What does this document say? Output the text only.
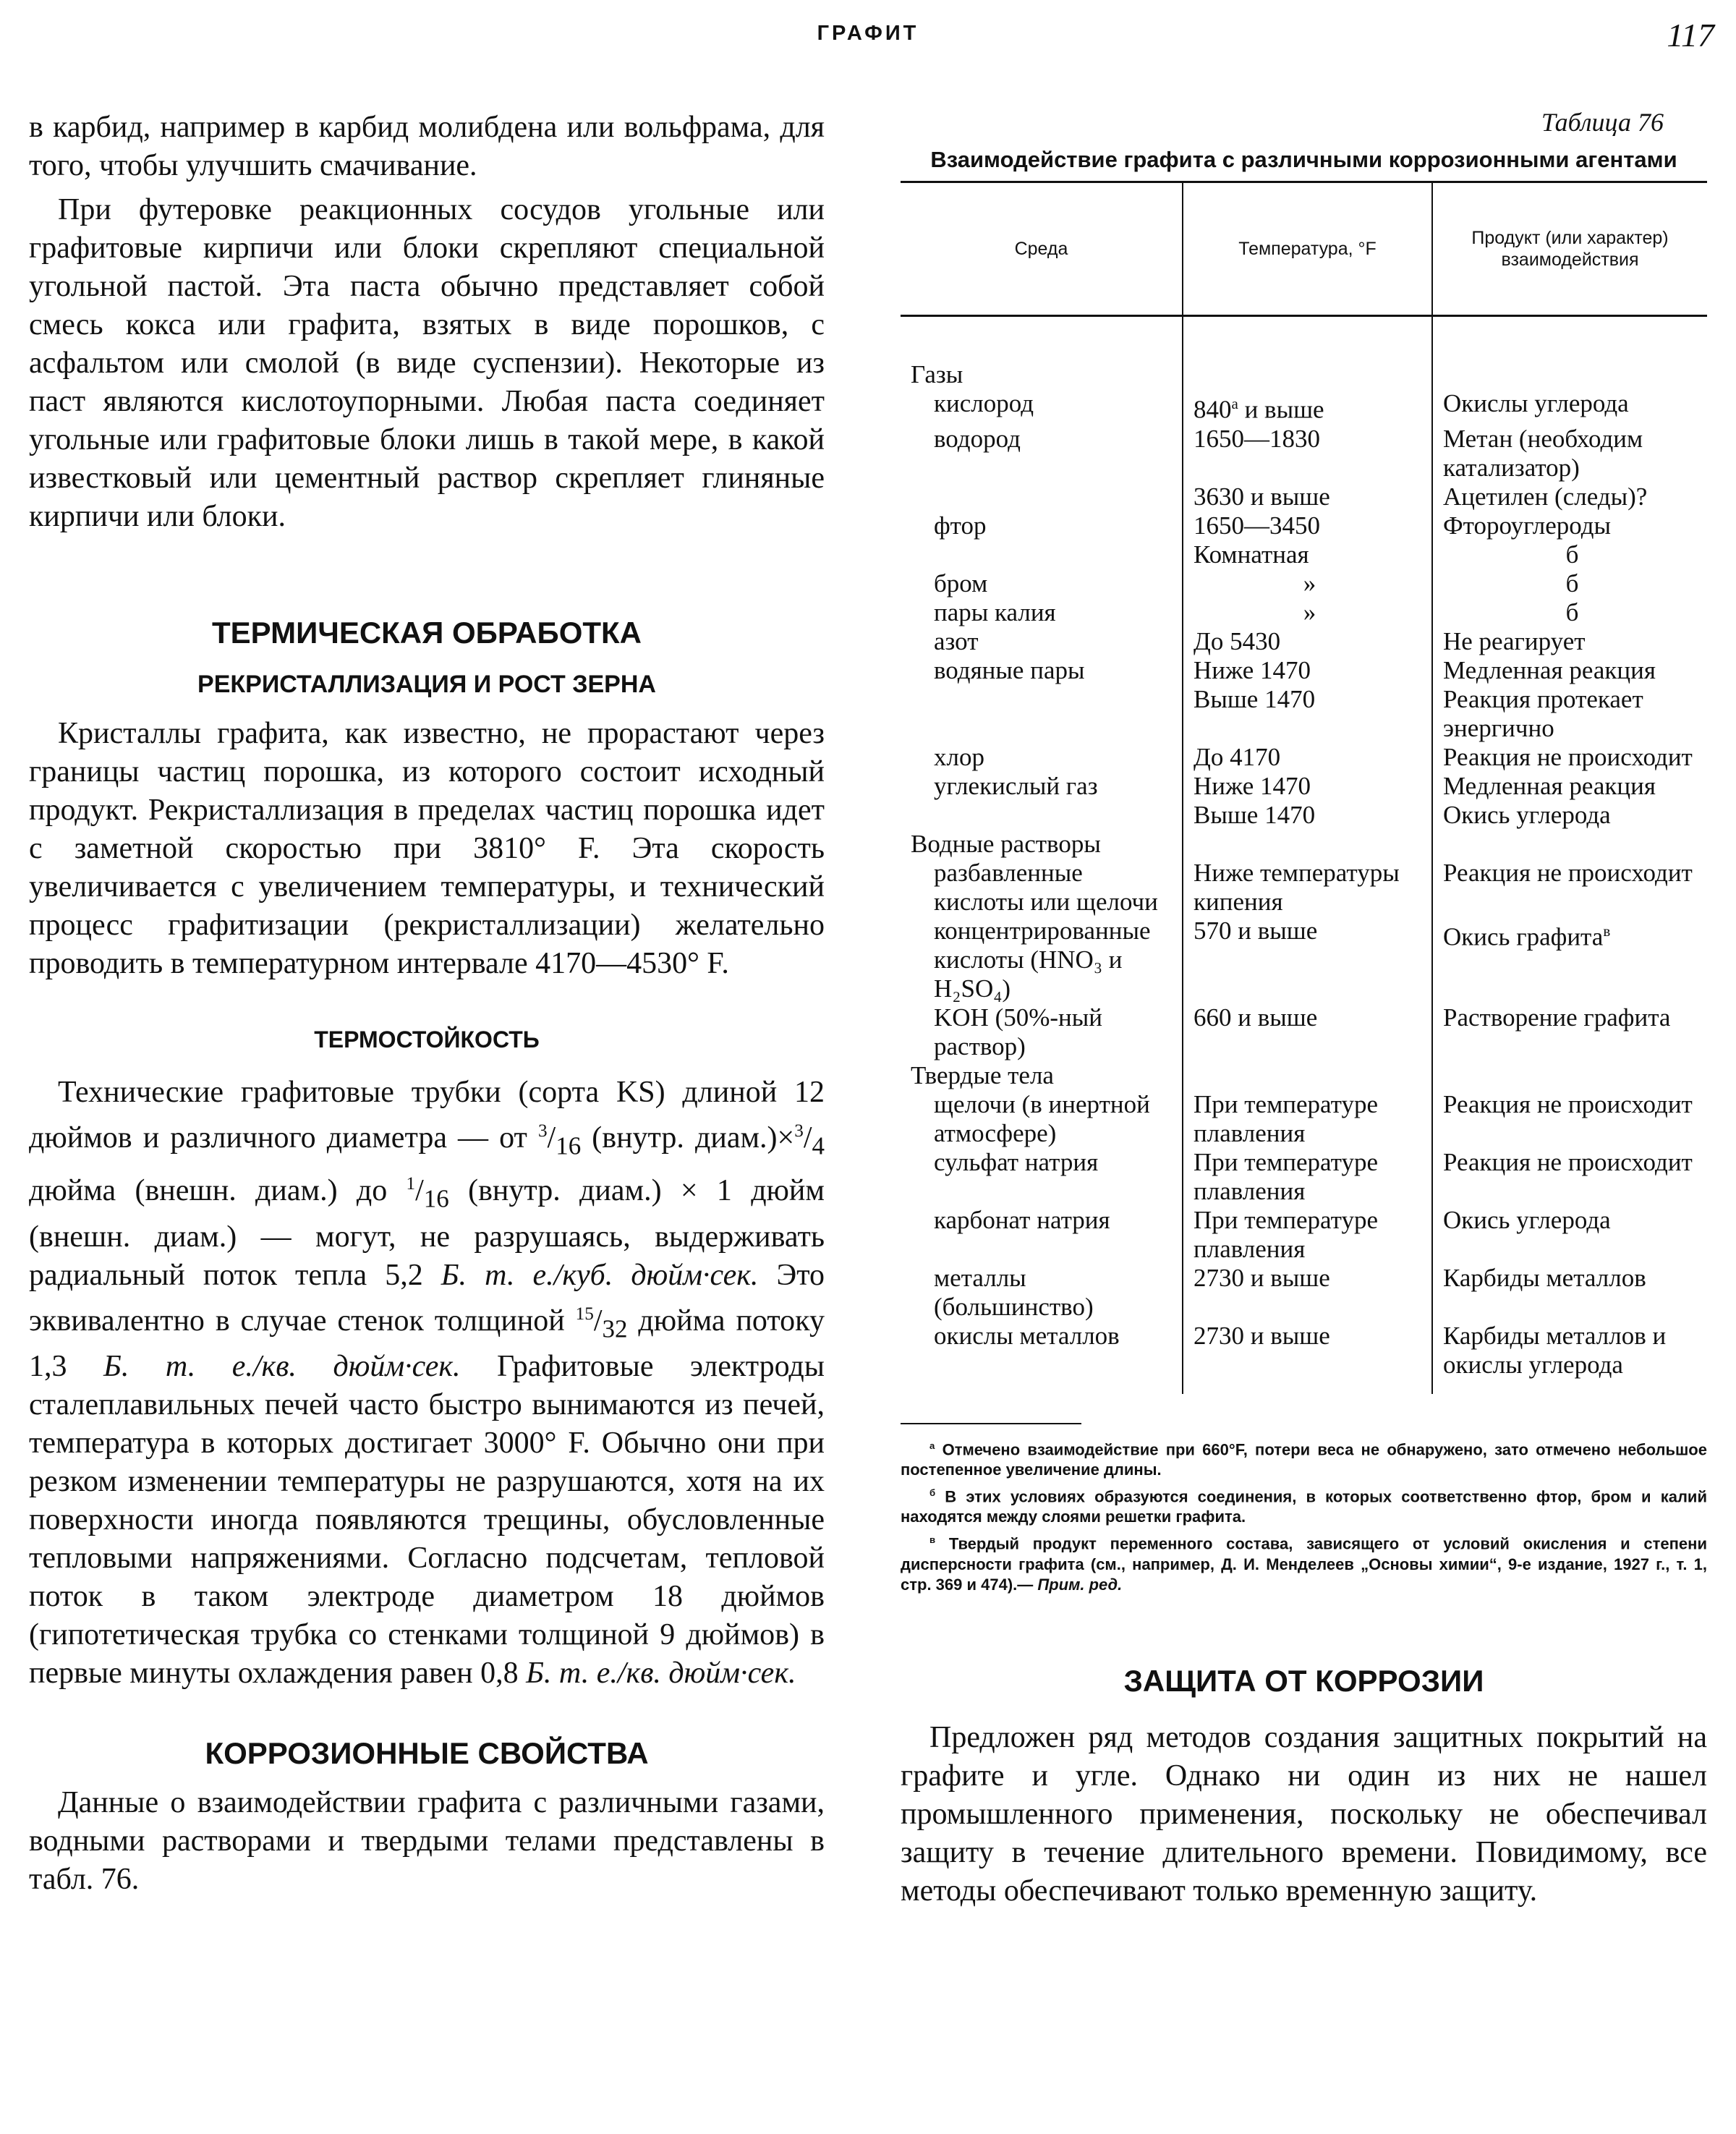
ГРАФИТ	117

в карбид, например в карбид молибдена или вольфрама, для того, чтобы улучшить смачивание.

При футеровке реакционных сосудов угольные или графитовые кирпичи или блоки скрепляют специальной угольной пастой. Эта паста обычно представляет собой смесь кокса или графита, взятых в виде порошков, с асфальтом или смолой (в виде суспензии). Некоторые из паст являются кислотоупорными. Любая паста соединяет угольные или графитовые блоки лишь в такой мере, в какой известковый или цементный раствор скрепляет глиняные кирпичи или блоки.

ТЕРМИЧЕСКАЯ ОБРАБОТКА
РЕКРИСТАЛЛИЗАЦИЯ И РОСТ ЗЕРНА

Кристаллы графита, как известно, не прорастают через границы частиц порошка, из которого состоит исходный продукт. Рекристаллизация в пределах частиц порошка идет с заметной скоростью при 3810° F. Эта скорость увеличивается с увеличением температуры, и технический процесс графитизации (рекристаллизации) желательно проводить в температурном интервале 4170—4530° F.

ТЕРМОСТОЙКОСТЬ

Технические графитовые трубки (сорта KS) длиной 12 дюймов и различного диаметра — от $^3/_{16}$ (внутр. $диам.)\times^3/_4$ дюйма (внешн. диам.) до $^1/_{16}$ (внутр. диам.) × 1 дюйм (внешн. диам.) — могут, не разрушаясь, выдерживать радиальный поток тепла 5,2 Б. т. е./куб. дюйм·сек. Это эквивалентно в случае стенок толщиной $^{15}/_{32}$ дюйма потоку 1,3 Б. т. е./кв. дюйм·сек. Графитовые электроды сталеплавильных печей часто быстро вынимаются из печей, температура в которых достигает 3000° F. Обычно они при резком изменении температуры не разрушаются, хотя на их поверхности иногда появляются трещины, обусловленные тепловыми напряжениями. Согласно подсчетам, тепловой поток в таком электроде диаметром 18 дюймов (гипотетическая трубка со стенками толщиной 9 дюймов) в первые минуты охлаждения равен 0,8 Б. т. е./кв. дюйм·сек.

КОРРОЗИОННЫЕ СВОЙСТВА

Данные о взаимодействии графита с различными газами, водными растворами и твердыми телами представлены в табл. 76.

Таблица 76
Взаимодействие графита с различными коррозионными агентами
Среда	Температура, °F	Продукт (или характер) взаимодействия
Газы		
кислород	$840^а$ и выше	Окислы углерода
водород	1650—1830	Метан (необходим катализатор)
	3630 и выше	Ацетилен (следы)?
фтор	1650—3450	Фтороуглероды
	Комнатная	б
бром	»	б
пары калия	»	б
азот	До 5430	Не реагирует
водяные пары	Ниже 1470	Медленная реакция
	Выше 1470	Реакция протекает энергично
хлор	До 4170	Реакция не происходит
углекислый газ	Ниже 1470	Медленная реакция
	Выше 1470	Окись углерода
Водные растворы		
разбавленные кислоты или щелочи	Ниже температуры кипения	Реакция не происходит
концентрированные кислоты (HNO₃ и H₂SO₄)	570 и выше	Окись графита$^в$
KOH (50%-ный раствор)	660 и выше	Растворение графита
Твердые тела		
щелочи (в инертной атмосфере)	При температуре плавления	Реакция не происходит
сульфат натрия	При температуре плавления	Реакция не происходит
карбонат натрия	При температуре плавления	Окись углерода
металлы (большинство)	2730 и выше	Карбиды металлов
окислы металлов	2730 и выше	Карбиды металлов и окислы углерода

$^а$ Отмечено взаимодействие при 660°F, потери веса не обнаружено, зато отмечено небольшое постепенное увеличение длины.

$^б$ В этих условиях образуются соединения, в которых соответственно фтор, бром и калий находятся между слоями решетки графита.

$^в$ Твердый продукт переменного состава, зависящего от условий окисления и степени дисперсности графита (см., например, Д. И. Менделеев „Основы химии“, 9-е издание, 1927 г., т. 1, стр. 369 и 474).— Прим. ред.

ЗАЩИТА ОТ КОРРОЗИИ

Предложен ряд методов создания защитных покрытий на графите и угле. Однако ни один из них не нашел промышленного применения, поскольку не обеспечивал защиту в течение длительного времени. Повидимому, все методы обеспечивают только временную защиту.
